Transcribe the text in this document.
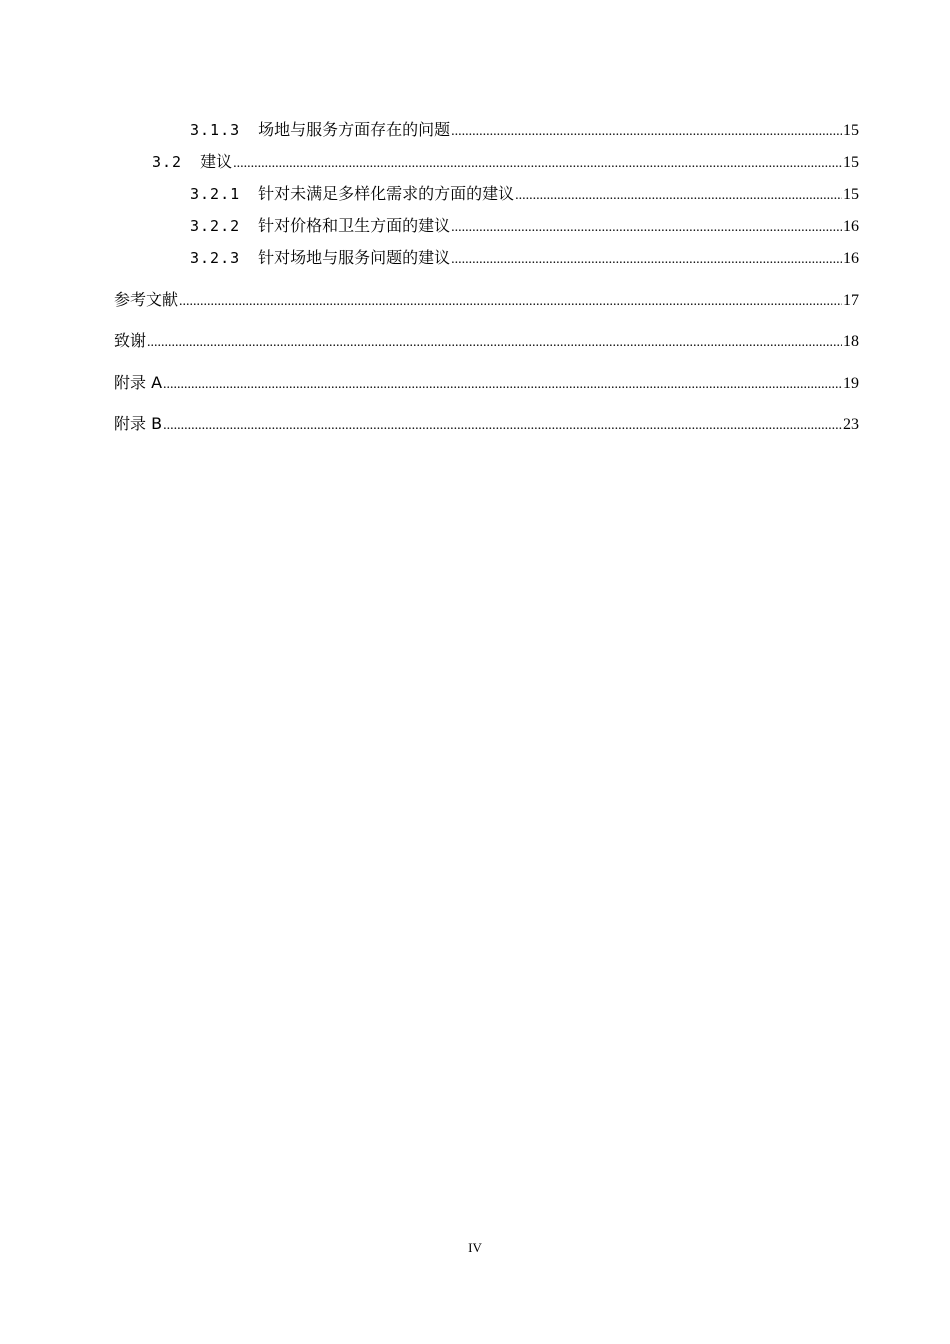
3.1.3 场地与服务方面存在的问题 .....	15
3.2 建议 .....	15
3.2.1 针对未满足多样化需求的方面的建议 .....	15
3.2.2 针对价格和卫生方面的建议 .....	16
3.2.3 针对场地与服务问题的建议 .....	16
参考文献 .....	17
致谢 .....	18
附录 A .....	19
附录 B .....	23
IV
